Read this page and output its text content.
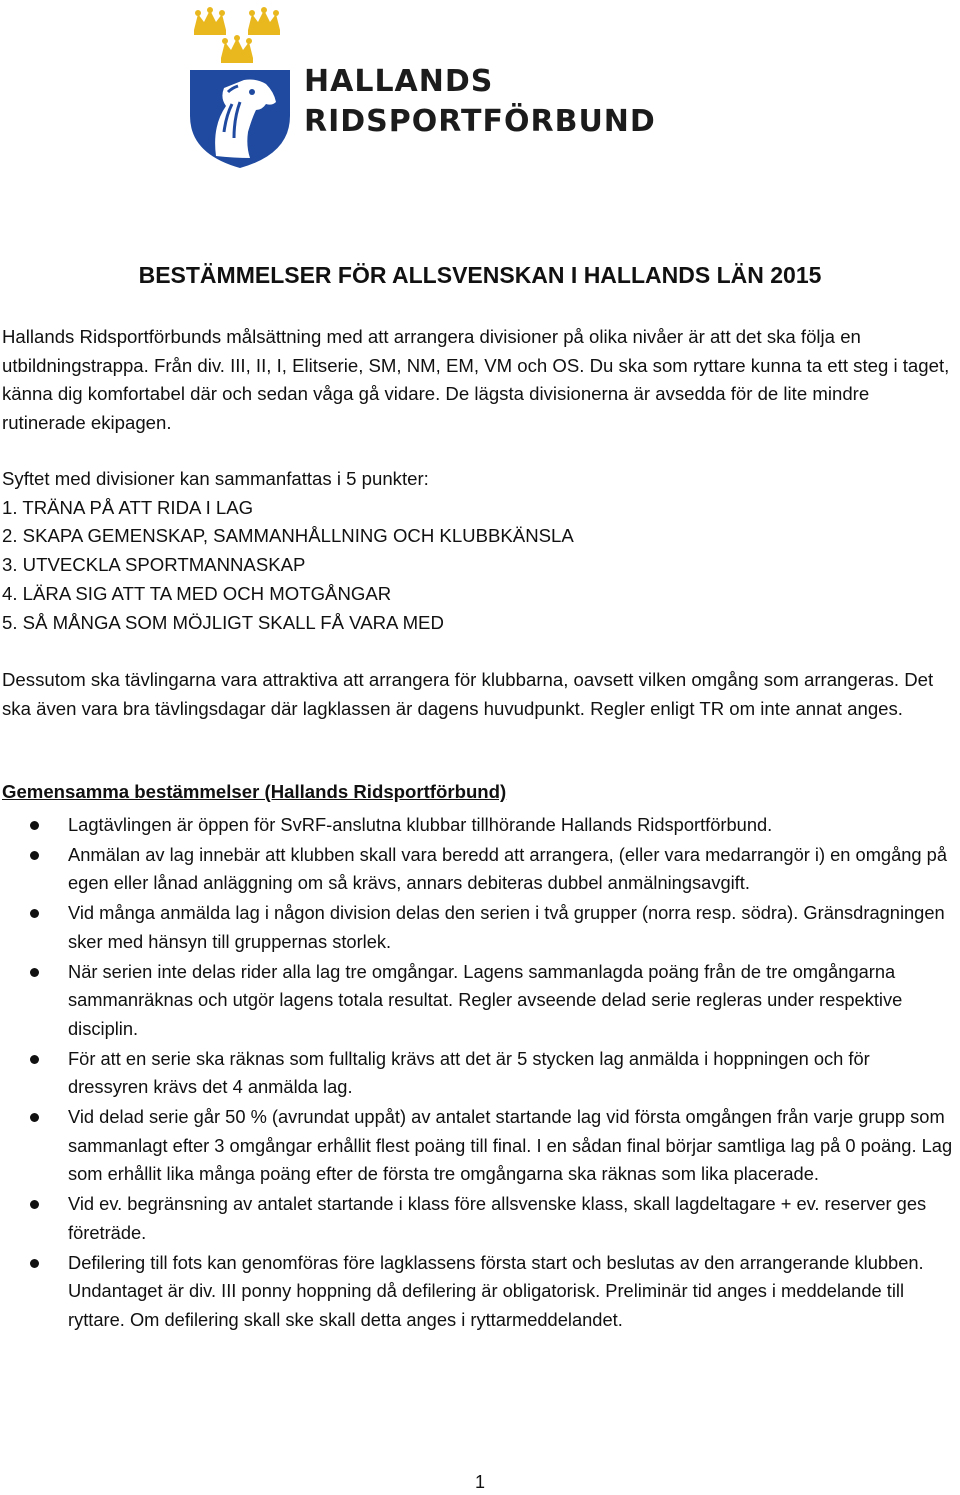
HALLANDS
RIDSPORTFÖRBUND
BESTÄMMELSER FÖR ALLSVENSKAN I HALLANDS LÄN 2015
Hallands Ridsportförbunds målsättning med att arrangera divisioner på olika nivåer är att det ska följa en utbildningstrappa. Från div. III, II, I, Elitserie, SM, NM, EM, VM och OS. Du ska som ryttare kunna ta ett steg i taget, känna dig komfortabel där och sedan våga gå vidare. De lägsta divisionerna är avsedda för de lite mindre rutinerade ekipagen.
Syftet med divisioner kan sammanfattas i 5 punkter:
1. TRÄNA PÅ ATT RIDA I LAG
2. SKAPA GEMENSKAP, SAMMANHÅLLNING OCH KLUBBKÄNSLA
3. UTVECKLA SPORTMANNASKAP
4. LÄRA SIG ATT TA MED OCH MOTGÅNGAR
5. SÅ MÅNGA SOM MÖJLIGT SKALL FÅ VARA MED
Dessutom ska tävlingarna vara attraktiva att arrangera för klubbarna, oavsett vilken omgång som arrangeras. Det ska även vara bra tävlingsdagar där lagklassen är dagens huvudpunkt. Regler enligt TR om inte annat anges.
Gemensamma bestämmelser (Hallands Ridsportförbund)
Lagtävlingen är öppen för SvRF-anslutna klubbar tillhörande Hallands Ridsportförbund.
Anmälan av lag innebär att klubben skall vara beredd att arrangera, (eller vara medarrangör i) en omgång på egen eller lånad anläggning om så krävs, annars debiteras dubbel anmälningsavgift.
Vid många anmälda lag i någon division delas den serien i två grupper (norra resp. södra). Gränsdragningen sker med hänsyn till gruppernas storlek.
När serien inte delas rider alla lag tre omgångar. Lagens sammanlagda poäng från de tre omgångarna sammanräknas och utgör lagens totala resultat. Regler avseende delad serie regleras under respektive disciplin.
För att en serie ska räknas som fulltalig krävs att det är 5 stycken lag anmälda i hoppningen och för dressyren krävs det 4 anmälda lag.
Vid delad serie går 50 % (avrundat uppåt) av antalet startande lag vid första omgången från varje grupp som sammanlagt efter 3 omgångar erhållit flest poäng till final. I en sådan final börjar samtliga lag på 0 poäng. Lag som erhållit lika många poäng efter de första tre omgångarna ska räknas som lika placerade.
Vid ev. begränsning av antalet startande i klass före allsvenske klass, skall lagdeltagare + ev. reserver ges företräde.
Defilering till fots kan genomföras före lagklassens första start och beslutas av den arrangerande klubben. Undantaget är div. III ponny hoppning då defilering är obligatorisk. Preliminär tid anges i meddelande till ryttare. Om defilering skall ske skall detta anges i ryttarmeddelandet.
1
